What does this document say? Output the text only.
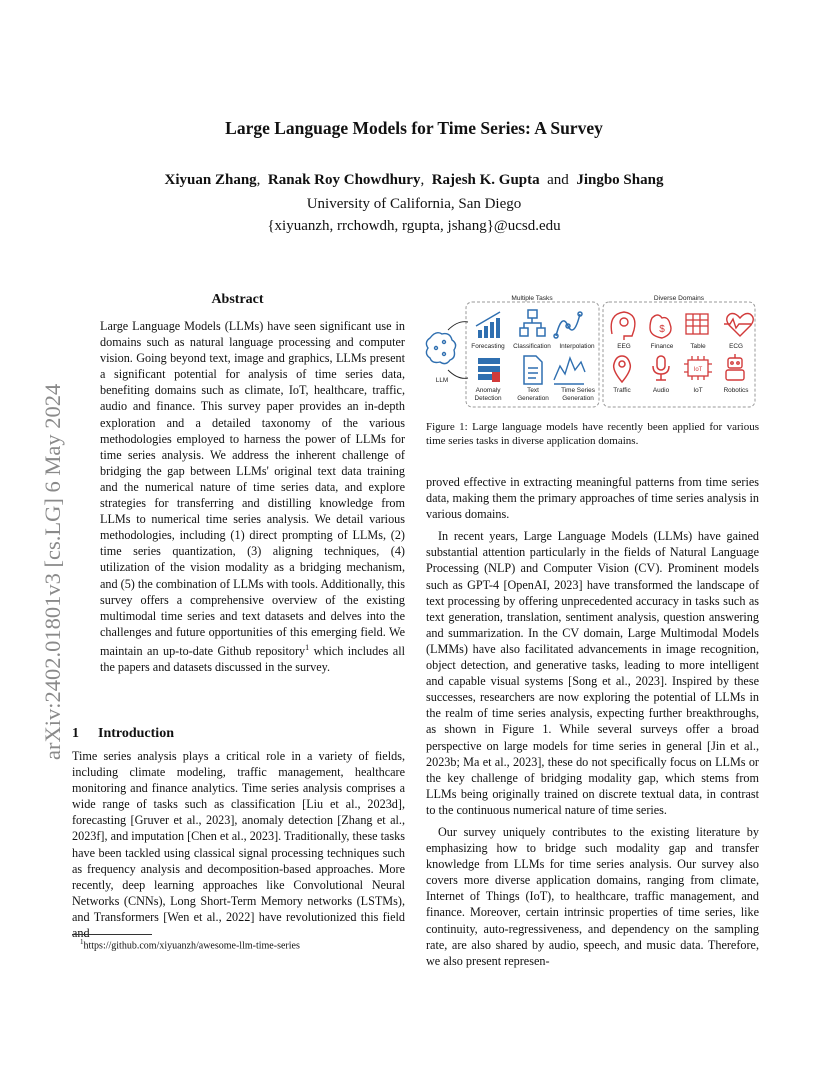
Large Language Models for Time Series: A Survey
Xiyuan Zhang, Ranak Roy Chowdhury, Rajesh K. Gupta and Jingbo Shang
University of California, San Diego
{xiyuanzh, rrchowdh, rgupta, jshang}@ucsd.edu
arXiv:2402.01801v3 [cs.LG] 6 May 2024
Abstract

Large Language Models (LLMs) have seen significant use in domains such as natural language processing and computer vision. Going beyond text, image and graphics, LLMs present a significant potential for analysis of time series data, benefiting domains such as climate, IoT, healthcare, traffic, audio and finance. This survey paper provides an in-depth exploration and a detailed taxonomy of the various methodologies employed to harness the power of LLMs for time series analysis. We address the inherent challenge of bridging the gap between LLMs' original text data training and the numerical nature of time series data, and explore strategies for transferring and distilling knowledge from LLMs to numerical time series analysis. We detail various methodologies, including (1) direct prompting of LLMs, (2) time series quantization, (3) aligning techniques, (4) utilization of the vision modality as a bridging mechanism, and (5) the combination of LLMs with tools. Additionally, this survey offers a comprehensive overview of the existing multimodal time series and text datasets and delves into the challenges and future opportunities of this emerging field. We maintain an up-to-date Github repository$^1$ which includes all the papers and datasets discussed in the survey.

1 Introduction

Time series analysis plays a critical role in a variety of fields, including climate modeling, traffic management, healthcare monitoring and finance analytics. Time series analysis comprises a wide range of tasks such as classification [Liu et al., 2023d], forecasting [Gruver et al., 2023], anomaly detection [Zhang et al., 2023f], and imputation [Chen et al., 2023]. Traditionally, these tasks have been tackled using classical signal processing techniques such as frequency analysis and decomposition-based approaches. More recently, deep learning approaches like Convolutional Neural Networks (CNNs), Long Short-Term Memory networks (LSTMs), and Transformers [Wen et al., 2022] have revolutionized this field and

$^1$https://github.com/xiyuanzh/awesome-llm-time-series
Multiple Tasks	Diverse Domains
LLM
Forecasting Classification Interpolation
Anomaly
Detection
Text
Generation
Time Series
Generation
$
EEG	Finance	Table	ECG
IoT
Traffic	Audio	IoT	Robotics
Figure 1: Large language models have recently been applied for various time series tasks in diverse application domains.

proved effective in extracting meaningful patterns from time series data, making them the primary approaches of time series analysis in various domains.

In recent years, Large Language Models (LLMs) have gained substantial attention particularly in the fields of Natural Language Processing (NLP) and Computer Vision (CV). Prominent models such as GPT-4 [OpenAI, 2023] have transformed the landscape of text processing by offering unprecedented accuracy in tasks such as text generation, translation, sentiment analysis, question answering and summarization. In the CV domain, Large Multimodal Models (LMMs) have also facilitated advancements in image recognition, object detection, and generative tasks, leading to more intelligent and capable visual systems [Song et al., 2023]. Inspired by these successes, researchers are now exploring the potential of LLMs in the realm of time series analysis, expecting further breakthroughs, as shown in Figure 1. While several surveys offer a broad perspective on large models for time series in general [Jin et al., 2023b; Ma et al., 2023], these do not specifically focus on LLMs or the key challenge of bridging modality gap, which stems from LLMs being originally trained on discrete textual data, in contrast to the continuous numerical nature of time series.

Our survey uniquely contributes to the existing literature by emphasizing how to bridge such modality gap and transfer knowledge from LLMs for time series analysis. Our survey also covers more diverse application domains, ranging from climate, Internet of Things (IoT), to healthcare, traffic management, and finance. Moreover, certain intrinsic properties of time series, like continuity, auto-regressiveness, and dependency on the sampling rate, are also shared by audio, speech, and music data. Therefore, we also present represen-
